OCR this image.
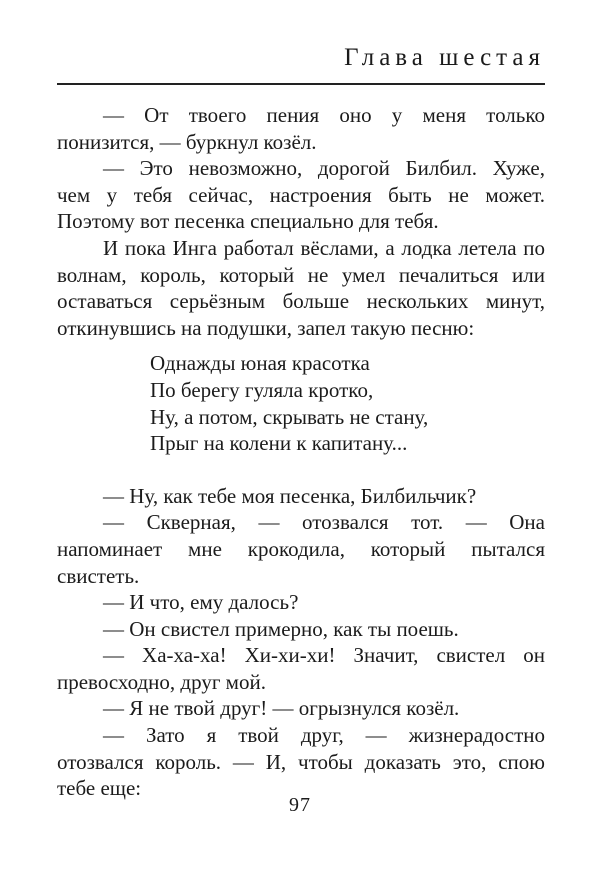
Глава шестая

— От твоего пения оно у меня только
понизится, — буркнул козёл.

— Это невозможно, дорогой Билбил. Хуже,
чем у тебя сейчас, настроения быть не может.
Поэтому вот песенка специально для тебя.

И пока Инга работал вёслами, а лодка летела по
волнам, король, который не умел печалиться или
оставаться серьёзным больше нескольких минут,
откинувшись на подушки, запел такую песню:

Однажды юная красотка
По берегу гуляла кротко,
Ну, а потом, скрывать не стану,
Прыг на колени к капитану...

— Ну, как тебе моя песенка, Билбильчик?

— Скверная, — отозвался тот. — Она
напоминает мне крокодила, который пытался
свистеть.

— И что, ему далось?

— Он свистел примерно, как ты поешь.

— Ха-ха-ха! Хи-хи-хи! Значит, свистел он
превосходно, друг мой.

— Я не твой друг! — огрызнулся козёл.

— Зато я твой друг, — жизнерадостно
отозвался король. — И, чтобы доказать это, спою
тебе еще:

97
